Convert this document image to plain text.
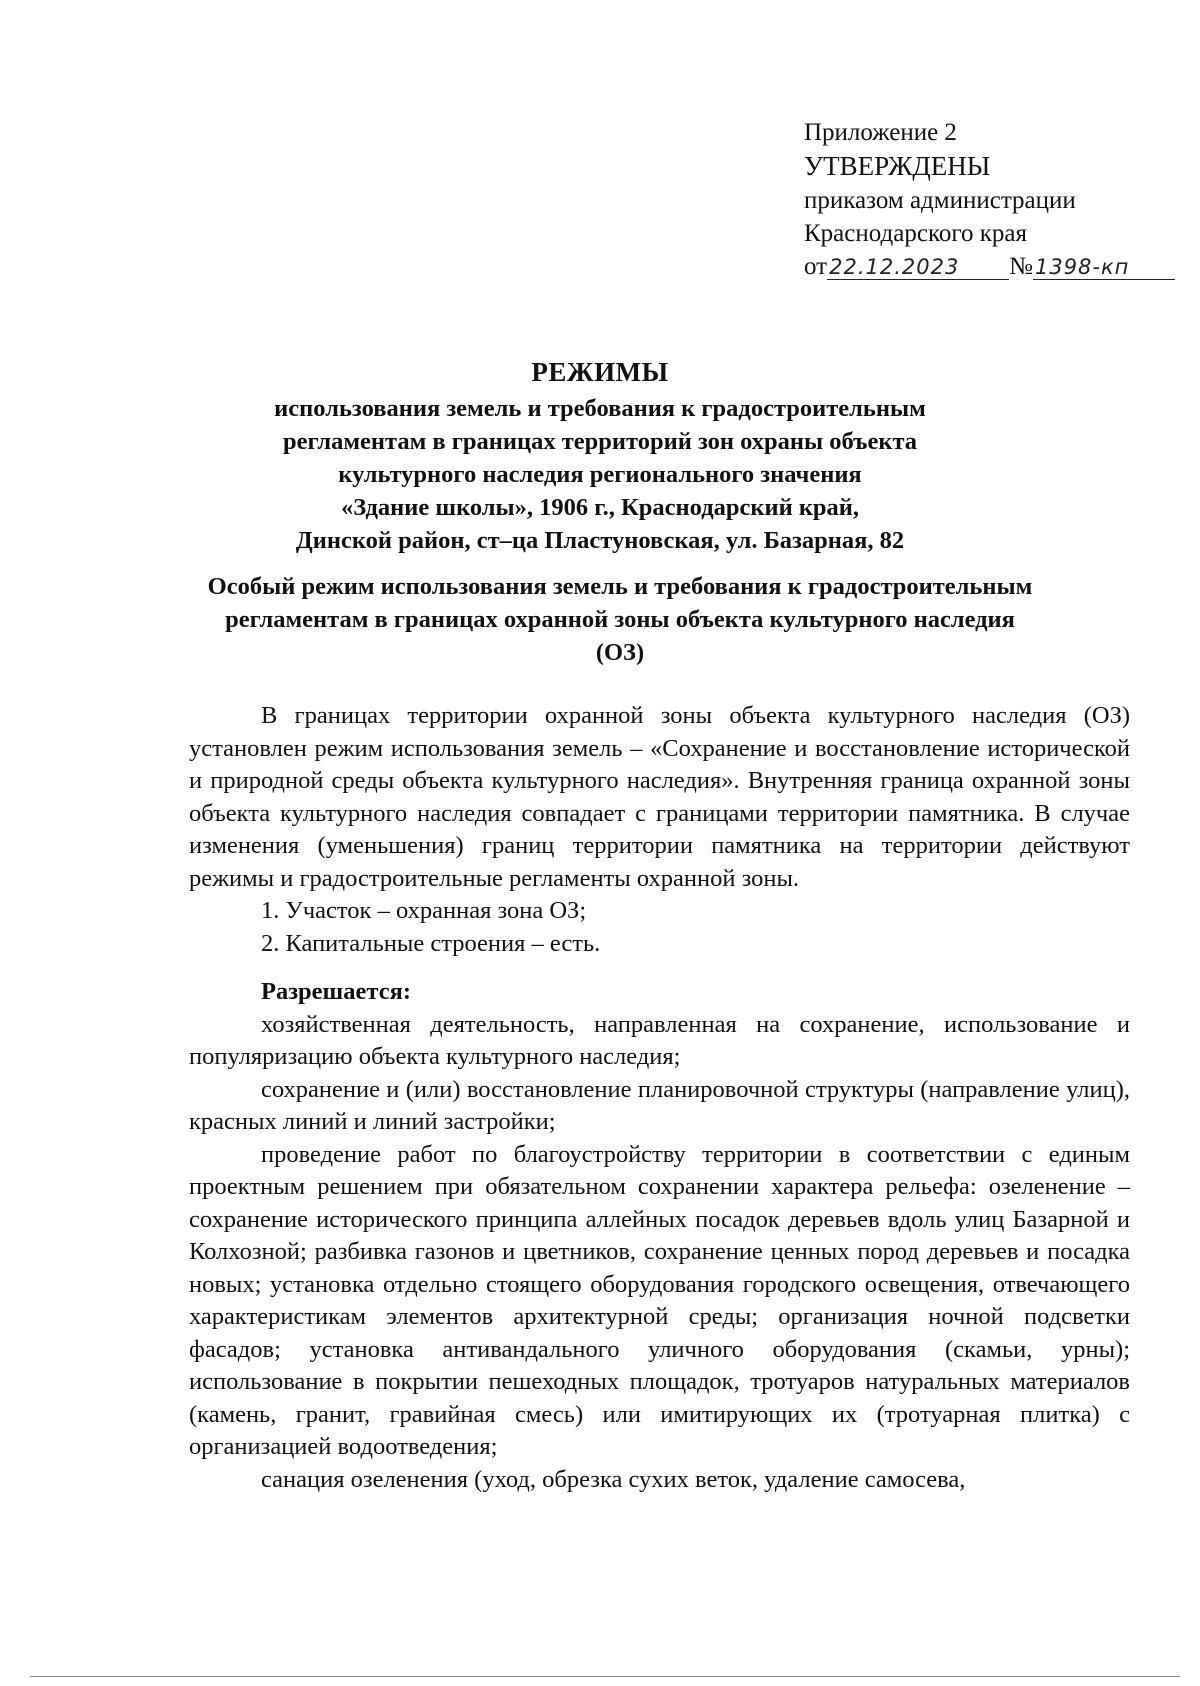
Приложение 2

УТВЕРЖДЕНЫ

приказом администрации

Краснодарского края

от22.12.2023 №1398-кп

РЕЖИМЫ

использования земель и требования к градостроительным

регламентам в границах территорий зон охраны объекта

культурного наследия регионального значения

«Здание школы», 1906 г., Краснодарский край,

Динской район, ст–ца Пластуновская, ул. Базарная, 82

Особый режим использования земель и требования к градостроительным

регламентам в границах охранной зоны объекта культурного наследия

(ОЗ)

В границах территории охранной зоны объекта культурного наследия (ОЗ) установлен режим использования земель – «Сохранение и восстановление исторической и природной среды объекта культурного наследия». Внутренняя граница охранной зоны объекта культурного наследия совпадает с границами территории памятника. В случае изменения (уменьшения) границ территории памятника на территории действуют режимы и градостроительные регламенты охранной зоны.

1. Участок – охранная зона ОЗ;

2. Капитальные строения – есть.

Разрешается:

хозяйственная деятельность, направленная на сохранение, использование и популяризацию объекта культурного наследия;

сохранение и (или) восстановление планировочной структуры (направление улиц), красных линий и линий застройки;

проведение работ по благоустройству территории в соответствии с единым проектным решением при обязательном сохранении характера рельефа: озеленение – сохранение исторического принципа аллейных посадок деревьев вдоль улиц Базарной и Колхозной; разбивка газонов и цветников, сохранение ценных пород деревьев и посадка новых; установка отдельно стоящего оборудования городского освещения, отвечающего характеристикам элементов архитектурной среды; организация ночной подсветки фасадов; установка антивандального уличного оборудования (скамьи, урны); использование в покрытии пешеходных площадок, тротуаров натуральных материалов (камень, гранит, гравийная смесь) или имитирующих их (тротуарная плитка) с организацией водоотведения;

санация озеленения (уход, обрезка сухих веток, удаление самосева,
